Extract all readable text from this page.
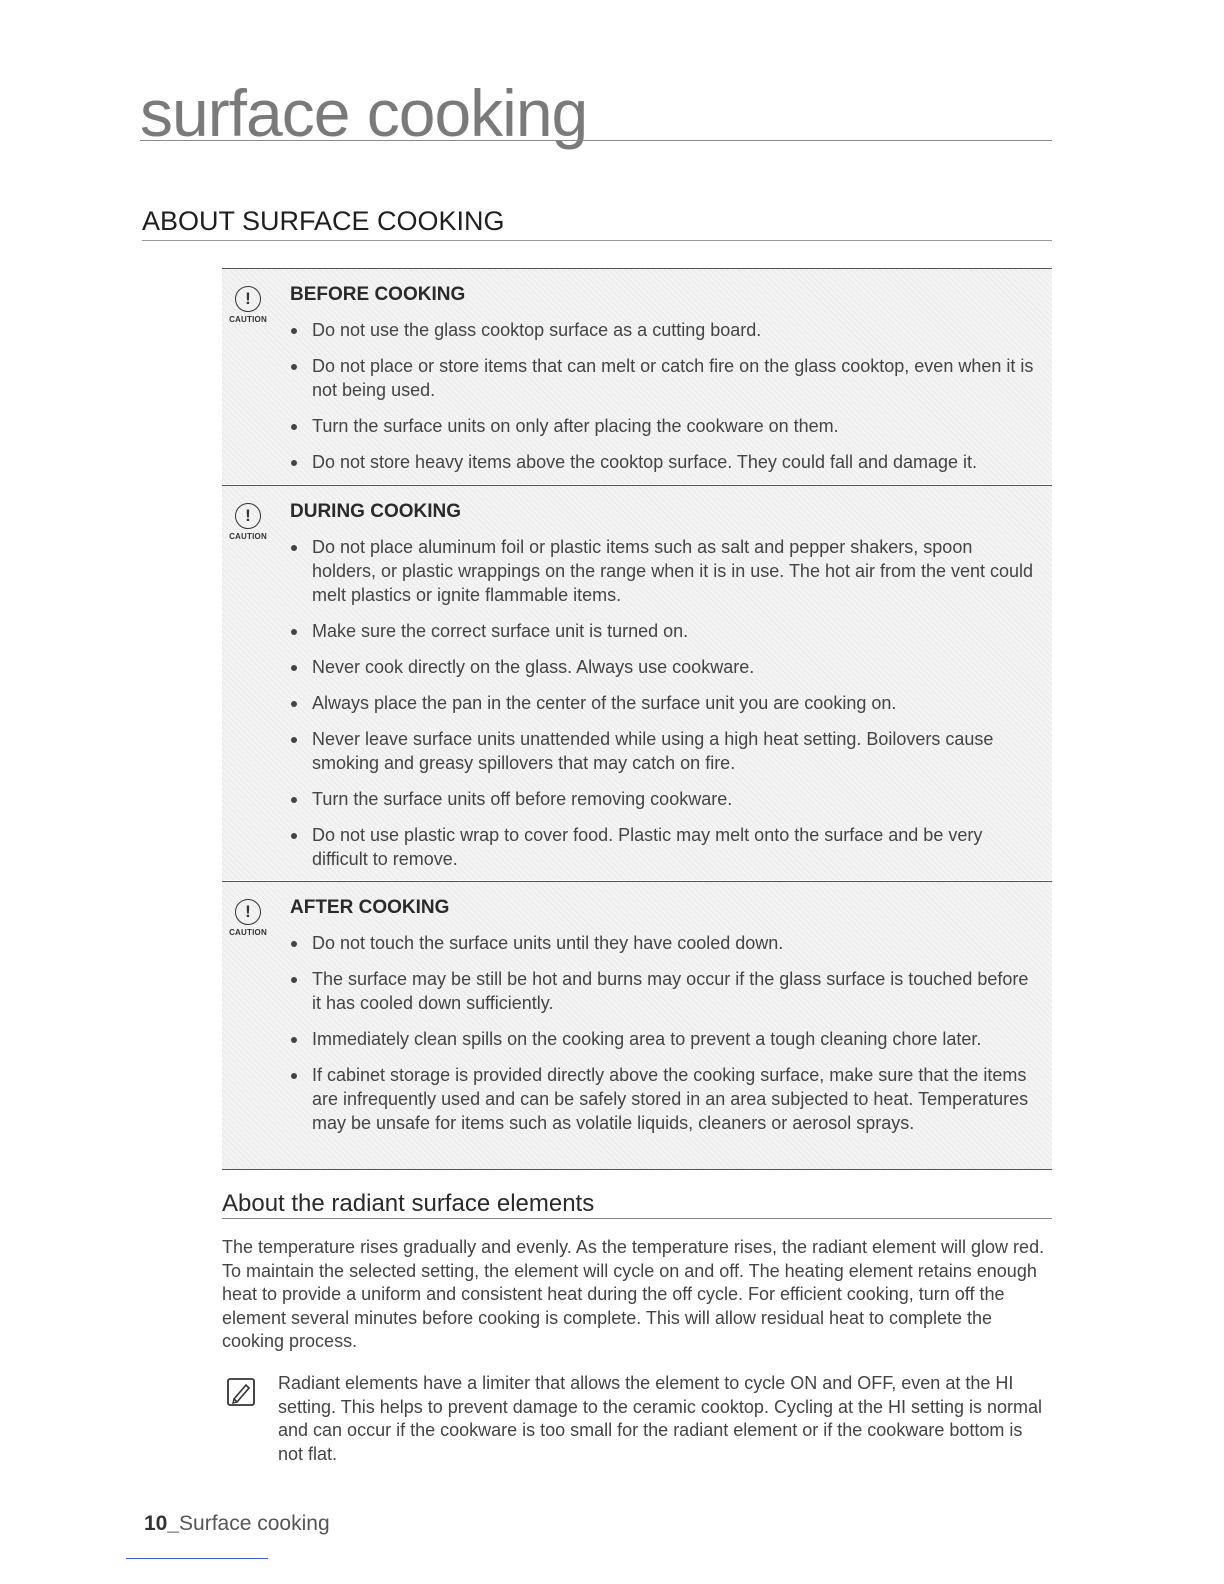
surface cooking
ABOUT SURFACE COOKING
!
CAUTION
BEFORE COOKING
Do not use the glass cooktop surface as a cutting board.
Do not place or store items that can melt or catch fire on the glass cooktop, even when it is not being used.
Turn the surface units on only after placing the cookware on them.
Do not store heavy items above the cooktop surface. They could fall and damage it.
!
CAUTION
DURING COOKING
Do not place aluminum foil or plastic items such as salt and pepper shakers, spoon holders, or plastic wrappings on the range when it is in use. The hot air from the vent could melt plastics or ignite flammable items.
Make sure the correct surface unit is turned on.
Never cook directly on the glass. Always use cookware.
Always place the pan in the center of the surface unit you are cooking on.
Never leave surface units unattended while using a high heat setting. Boilovers cause smoking and greasy spillovers that may catch on fire.
Turn the surface units off before removing cookware.
Do not use plastic wrap to cover food. Plastic may melt onto the surface and be very difficult to remove.
!
CAUTION
AFTER COOKING
Do not touch the surface units until they have cooled down.
The surface may be still be hot and burns may occur if the glass surface is touched before it has cooled down sufficiently.
Immediately clean spills on the cooking area to prevent a tough cleaning chore later.
If cabinet storage is provided directly above the cooking surface, make sure that the items are infrequently used and can be safely stored in an area subjected to heat. Temperatures may be unsafe for items such as volatile liquids, cleaners or aerosol sprays.
About the radiant surface elements

The temperature rises gradually and evenly. As the temperature rises, the radiant element will glow red. To maintain the selected setting, the element will cycle on and off. The heating element retains enough heat to provide a uniform and consistent heat during the off cycle. For efficient cooking, turn off the element several minutes before cooking is complete. This will allow residual heat to complete the cooking process.

Radiant elements have a limiter that allows the element to cycle ON and OFF, even at the HI setting. This helps to prevent damage to the ceramic cooktop. Cycling at the HI setting is normal and can occur if the cookware is too small for the radiant element or if the cookware bottom is not flat.

10_Surface cooking
